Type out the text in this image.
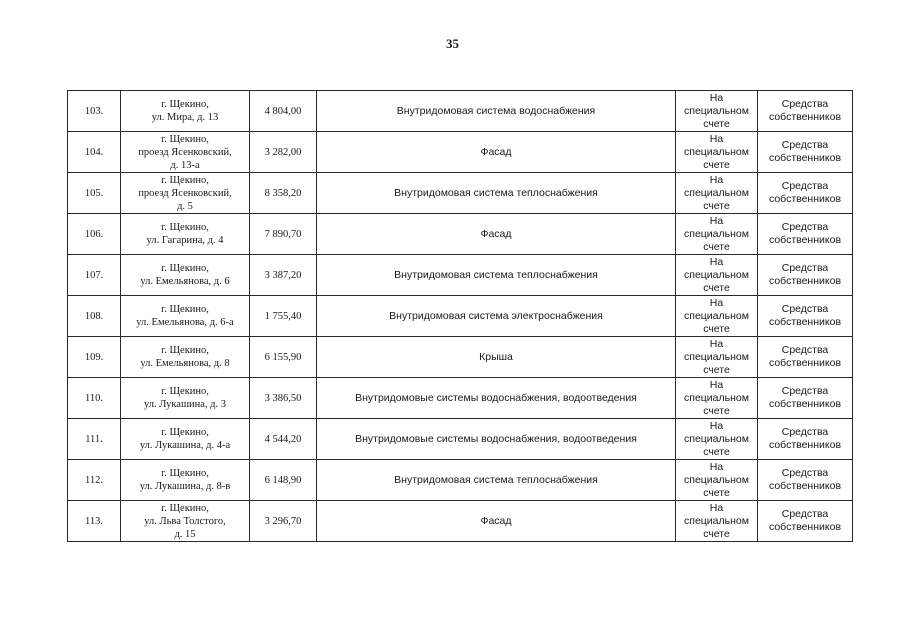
35
103.	г. Щекино,
ул. Мира, д. 13	4 804,00	Внутридомовая система водоснабжения	На
специальном
счете	Средства
собственников

104.	г. Щекино,
проезд Ясенковский,
д. 13-а	3 282,00	Фасад	На
специальном
счете	Средства
собственников

105.	г. Щекино,
проезд Ясенковский,
д. 5	8 358,20	Внутридомовая система теплоснабжения	На
специальном
счете	Средства
собственников

106.	г. Щекино,
ул. Гагарина, д. 4	7 890,70	Фасад	На
специальном
счете	Средства
собственников

107.	г. Щекино,
ул. Емельянова, д. 6	3 387,20	Внутридомовая система теплоснабжения	На
специальном
счете	Средства
собственников

108.	г. Щекино,
ул. Емельянова, д. 6-а	1 755,40	Внутридомовая система электроснабжения	На
специальном
счете	Средства
собственников

109.	г. Щекино,
ул. Емельянова, д. 8	6 155,90	Крыша	На
специальном
счете	Средства
собственников

110.	г. Щекино,
ул. Лукашина, д. 3	3 386,50	Внутридомовые системы водоснабжения, водоотведения	На
специальном
счете	Средства
собственников

111.	г. Щекино,
ул. Лукашина, д. 4-а	4 544,20	Внутридомовые системы водоснабжения, водоотведения	На
специальном
счете	Средства
собственников

112.	г. Щекино,
ул. Лукашина, д. 8-в	6 148,90	Внутридомовая система теплоснабжения	На
специальном
счете	Средства
собственников

113.	г. Щекино,
ул. Льва Толстого,
д. 15	3 296,70	Фасад	На
специальном
счете	Средства
собственников
